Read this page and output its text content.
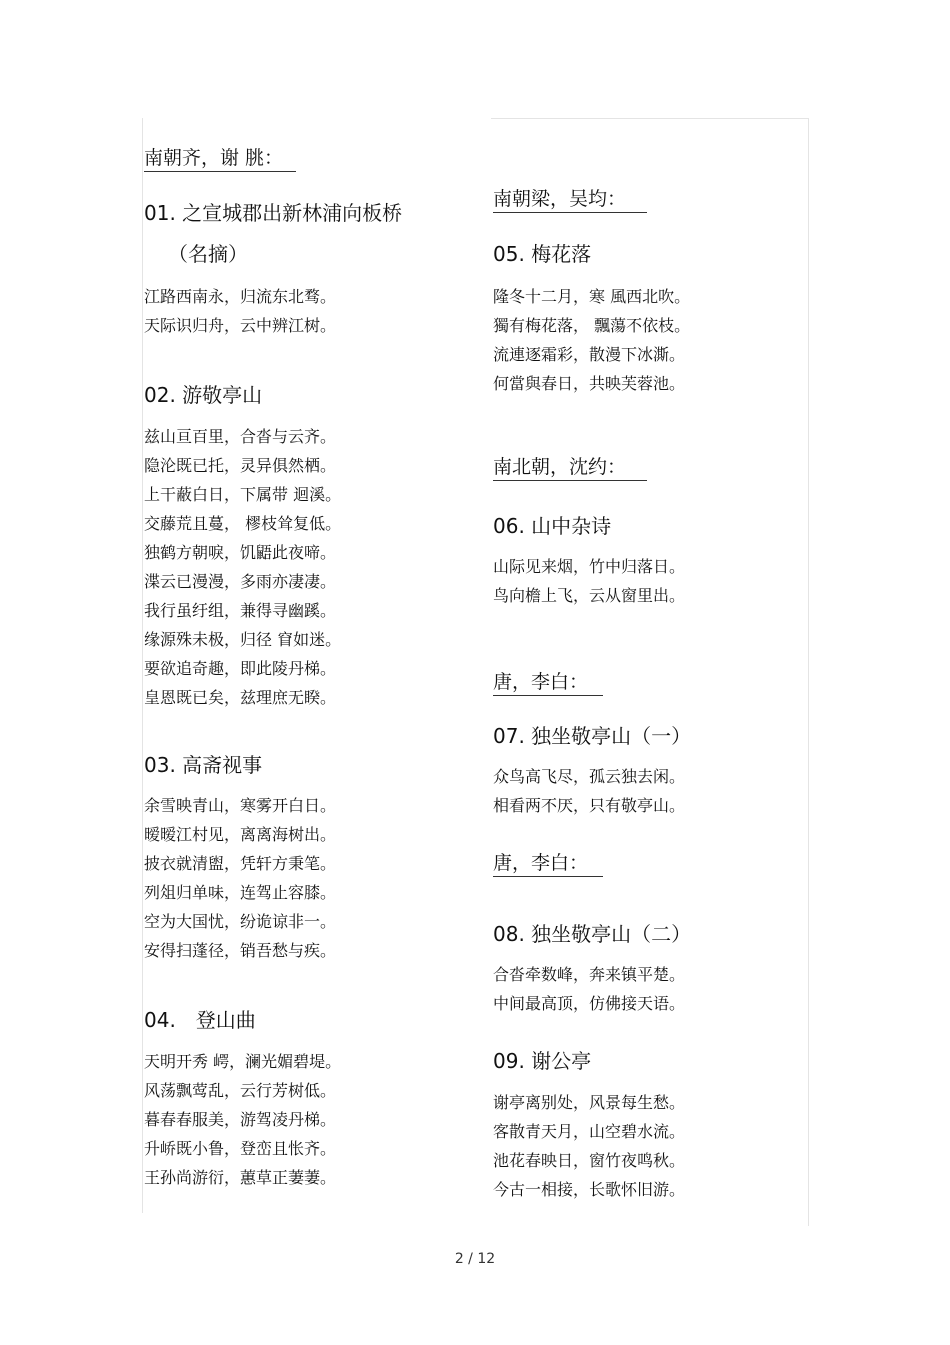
南朝齐，谢 朓：
01. 之宣城郡出新林浦向板桥
（名摘）
江路西南永，归流东北骛。
天际识归舟，云中辨江树。
02. 游敬亭山
兹山亘百里，合沓与云齐。
隐沦既已托，灵异俱然栖。
上干蔽白日，下属带 迴溪。
交藤荒且蔓， 樛枝耸复低。
独鹤方朝唳，饥鼯此夜啼。
渫云已漫漫，多雨亦凄凄。
我行虽纡组，兼得寻幽蹊。
缘源殊未极，归径 窅如迷。
要欲追奇趣，即此陵丹梯。
皇恩既已矣，兹理庶无睽。
03. 高斋视事
余雪映青山，寒雾开白日。
暧暧江村见，离离海树出。
披衣就清盥，凭轩方秉笔。
列俎归单味，连驾止容膝。
空为大国忧，纷诡谅非一。
安得扫蓬径，销吾愁与疾。
04.　登山曲
天明开秀 崿，澜光媚碧堤。
风荡飘莺乱，云行芳树低。
暮春春服美，游驾凌丹梯。
升峤既小鲁，登峦且怅齐。
王孙尚游衍，蕙草正萋萋。
南朝梁，吴均：
05. 梅花落
隆冬十二月，寒 風西北吹。
獨有梅花落， 飄蕩不依枝。
流連逐霜彩，散漫下冰澌。
何當與春日，共映芙蓉池。
南北朝，沈约：
06. 山中杂诗
山际见来烟，竹中归落日。
鸟向檐上飞，云从窗里出。
唐，李白：
07. 独坐敬亭山（一）
众鸟高飞尽，孤云独去闲。
相看两不厌，只有敬亭山。
唐，李白：
08. 独坐敬亭山（二）
合沓牵数峰，奔来镇平楚。
中间最高顶，仿佛接天语。
09. 谢公亭
谢亭离别处，风景每生愁。
客散青天月，山空碧水流。
池花春映日，窗竹夜鸣秋。
今古一相接，长歌怀旧游。
2 / 12
